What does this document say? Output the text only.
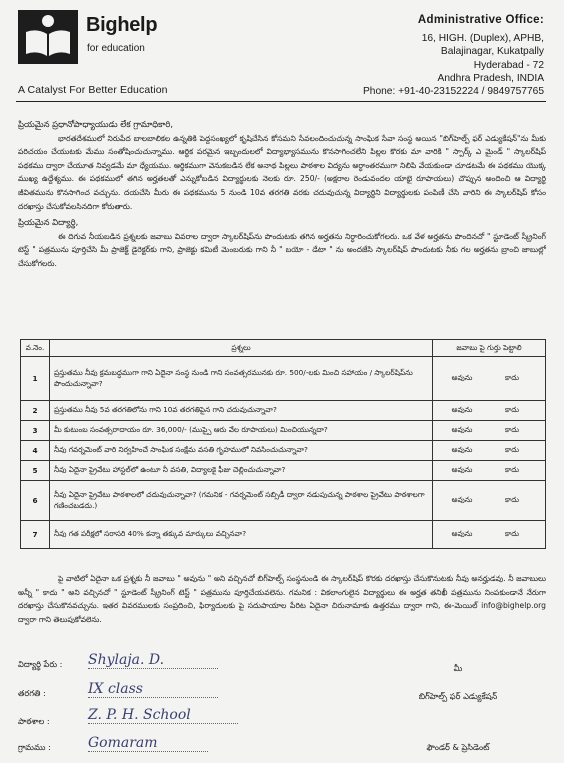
Bighelp
for education
A Catalyst For Better Education
Administrative Office:
16, HIGH. (Duplex), APHB,
Balajinagar, Kukatpally
Hyderabad - 72
Andhra Pradesh, INDIA
Phone: +91-40-23152224 / 9849757765
ప్రియమైన ప్రధానోపాధ్యాయుడు లేక గ్రామాధికారి,
భారతదేశములో నిరుపేద బాలబాలికల ఉన్నతికి పెద్దసంఖ్యలో కృషిచేసిన కోసమని సేవలందించుచున్న సాంఘిక సేవా సంస్థ అయిన "బిగ్‌హెల్ప్ ఫర్ ఎడ్యుకేషన్"ను మీకు పరిచయం చేయుటకు మేము సంతోషించుచున్నాము. ఆర్థిక పరమైన ఇబ్బందులలో విద్యాభ్యాసమును కొనసాగించలేని పిల్లల కొరకు మా వారికి " స్పార్క్ ఎ మైండ్ " స్కాలర్‌షిప్ పథకము ద్వారా చేయూత నివ్వడమే మా ధ్యేయము. ఆర్థికముగా వెనుకబడిన లేక అనాథ పిల్లలు పాఠశాల విద్యను అర్ధాంతరముగా నిలిపి వేయకుండా చూడటమే ఈ పథకము యొక్క ముఖ్య ఉద్దేశ్యము. ఈ పథకములో తగిన అర్హతలతో ఎన్నుకోబడిన విద్యార్థులకు నెలకు రూ. 250/- (అక్షరాల రెండువందల యాభై రూపాయలు) చొప్పున అందించి ఆ విద్యార్థి జీవితమును కొనసాగించ వచ్చును. దయచేసి మీరు ఈ పథకమును 5 నుండి 10వ తరగతి వరకు చదువుచున్న విద్యార్థిని విద్యార్థులకు పంపిణీ చేసి వారిని ఈ స్కాలర్‌షిప్ కోసం దరఖాస్తు చేసుకోవలసినదిగా కోరుతారు.
ప్రియమైన విద్యార్థి,
ఈ దిగువ నీయబడిన ప్రశ్నలకు జవాబు వివరాల ద్వారా స్కాలర్‌షిప్‌ను పొందుటకు తగిన అర్హతను నిర్ధారించుకోగలరు. ఒక వేళ అర్హతను పొందినచో " స్టూడెంట్ స్క్రీనింగ్ టెస్ట్ " పత్రమును పూర్తిచేసి మీ ప్రాజెక్ట్ డైరెక్టర్‌కు గాని, ప్రాజెక్టు కమిటీ మెంబరుకు గాని నీ " బయో - డేటా " ను అందజేసి స్కాలర్‌షిప్ పొందుటకు నీకు గల అర్హతను బ్రాంచి జాబుల్లో చేసుకోగలరు.
వ.నెం.	ప్రశ్నలు	జవాబు పై గుర్తు పెట్టాలి
1	ప్రస్తుతము నీవు క్రమబద్ధముగా గాని ఏదైనా సంస్థ నుండి గాని సంవత్సరమునకు రూ. 500/-లకు మించి సహాయం / స్కాలర్‌షిప్‌ను పొందుచున్నావా?	అవును కాదు
2	ప్రస్తుతము నీవు 5వ తరగతిలోను గాని 10వ తరగతిపైన గాని చదువుచున్నావా?	అవును కాదు
3	మీ కుటుంబ సంవత్సరాదాయం రూ. 36,000/- (ముప్పై ఆరు వేల రూపాయలు) మించియున్నదా?	అవును కాదు
4	నీవు గవర్నమెంట్ వారి నిర్వహించే సాంఘిక సంక్షేమ వసతి గృహములో నివసించుచున్నావా?	అవును కాదు
5	నీవు ఏదైనా ప్రైవేటు హాస్టల్‌లో ఉంటూ నీ వసతి, విద్యాలకై ఫీజు చెల్లించుచున్నావా?	అవును కాదు
6	నీవు ఏదైనా ప్రైవేటు పాఠశాలలో చదువుచున్నావా? (గమనిక - గవర్నమెంట్ సబ్సిడీ ద్వారా నడుపుచున్న పాఠశాల ప్రైవేటు పాఠశాలగా గణించబడదు.)	అవును కాదు
7	నీవు గత పరీక్షలో సరాసరి 40% కన్నా తక్కువ మార్కులు వచ్చినవా?	అవును కాదు
పై వాటిలో ఏదైనా ఒక ప్రశ్నకు నీ జవాబు " అవును " అని వచ్చినచో బిగ్‌హెల్ప్ సంస్థనుండి ఈ స్కాలర్‌షిప్ కొరకు దరఖాస్తు చేసుకొనుటకు నీవు అనర్హుడవు. నీ జవాబులు అన్నీ " కాదు " అని వచ్చినచో " స్టూడెంట్ స్క్రీనింగ్ టెస్ట్ " పత్రమును పూర్తిచేయవలెను. గమనిక : వికలాంగులైన విద్యార్థులు ఈ అర్హత తనిఖీ పత్రమును నింపకుండానే నేరుగా దరఖాస్తు చేసుకొనవచ్చును. ఇతర వివరములకు సంప్రదించి, ఫిర్యాదులకు పై సదుపాయాల పేరిట ఏదైనా చిరునామాకు ఉత్తరము ద్వారా గాని, ఈ-మెయిల్ info@bighelp.org ద్వారా గాని తెలుపుకోవలెను.
విద్యార్థి పేరు : Shylaja. D.
తరగతి :	IX class
పాఠశాల :	Z. P. H. School
గ్రామము :	Gomaram
మీ
బిగ్‌హెల్ప్ ఫర్ ఎడ్యుకేషన్
ఫౌండర్ & ప్రెసిడెంట్
